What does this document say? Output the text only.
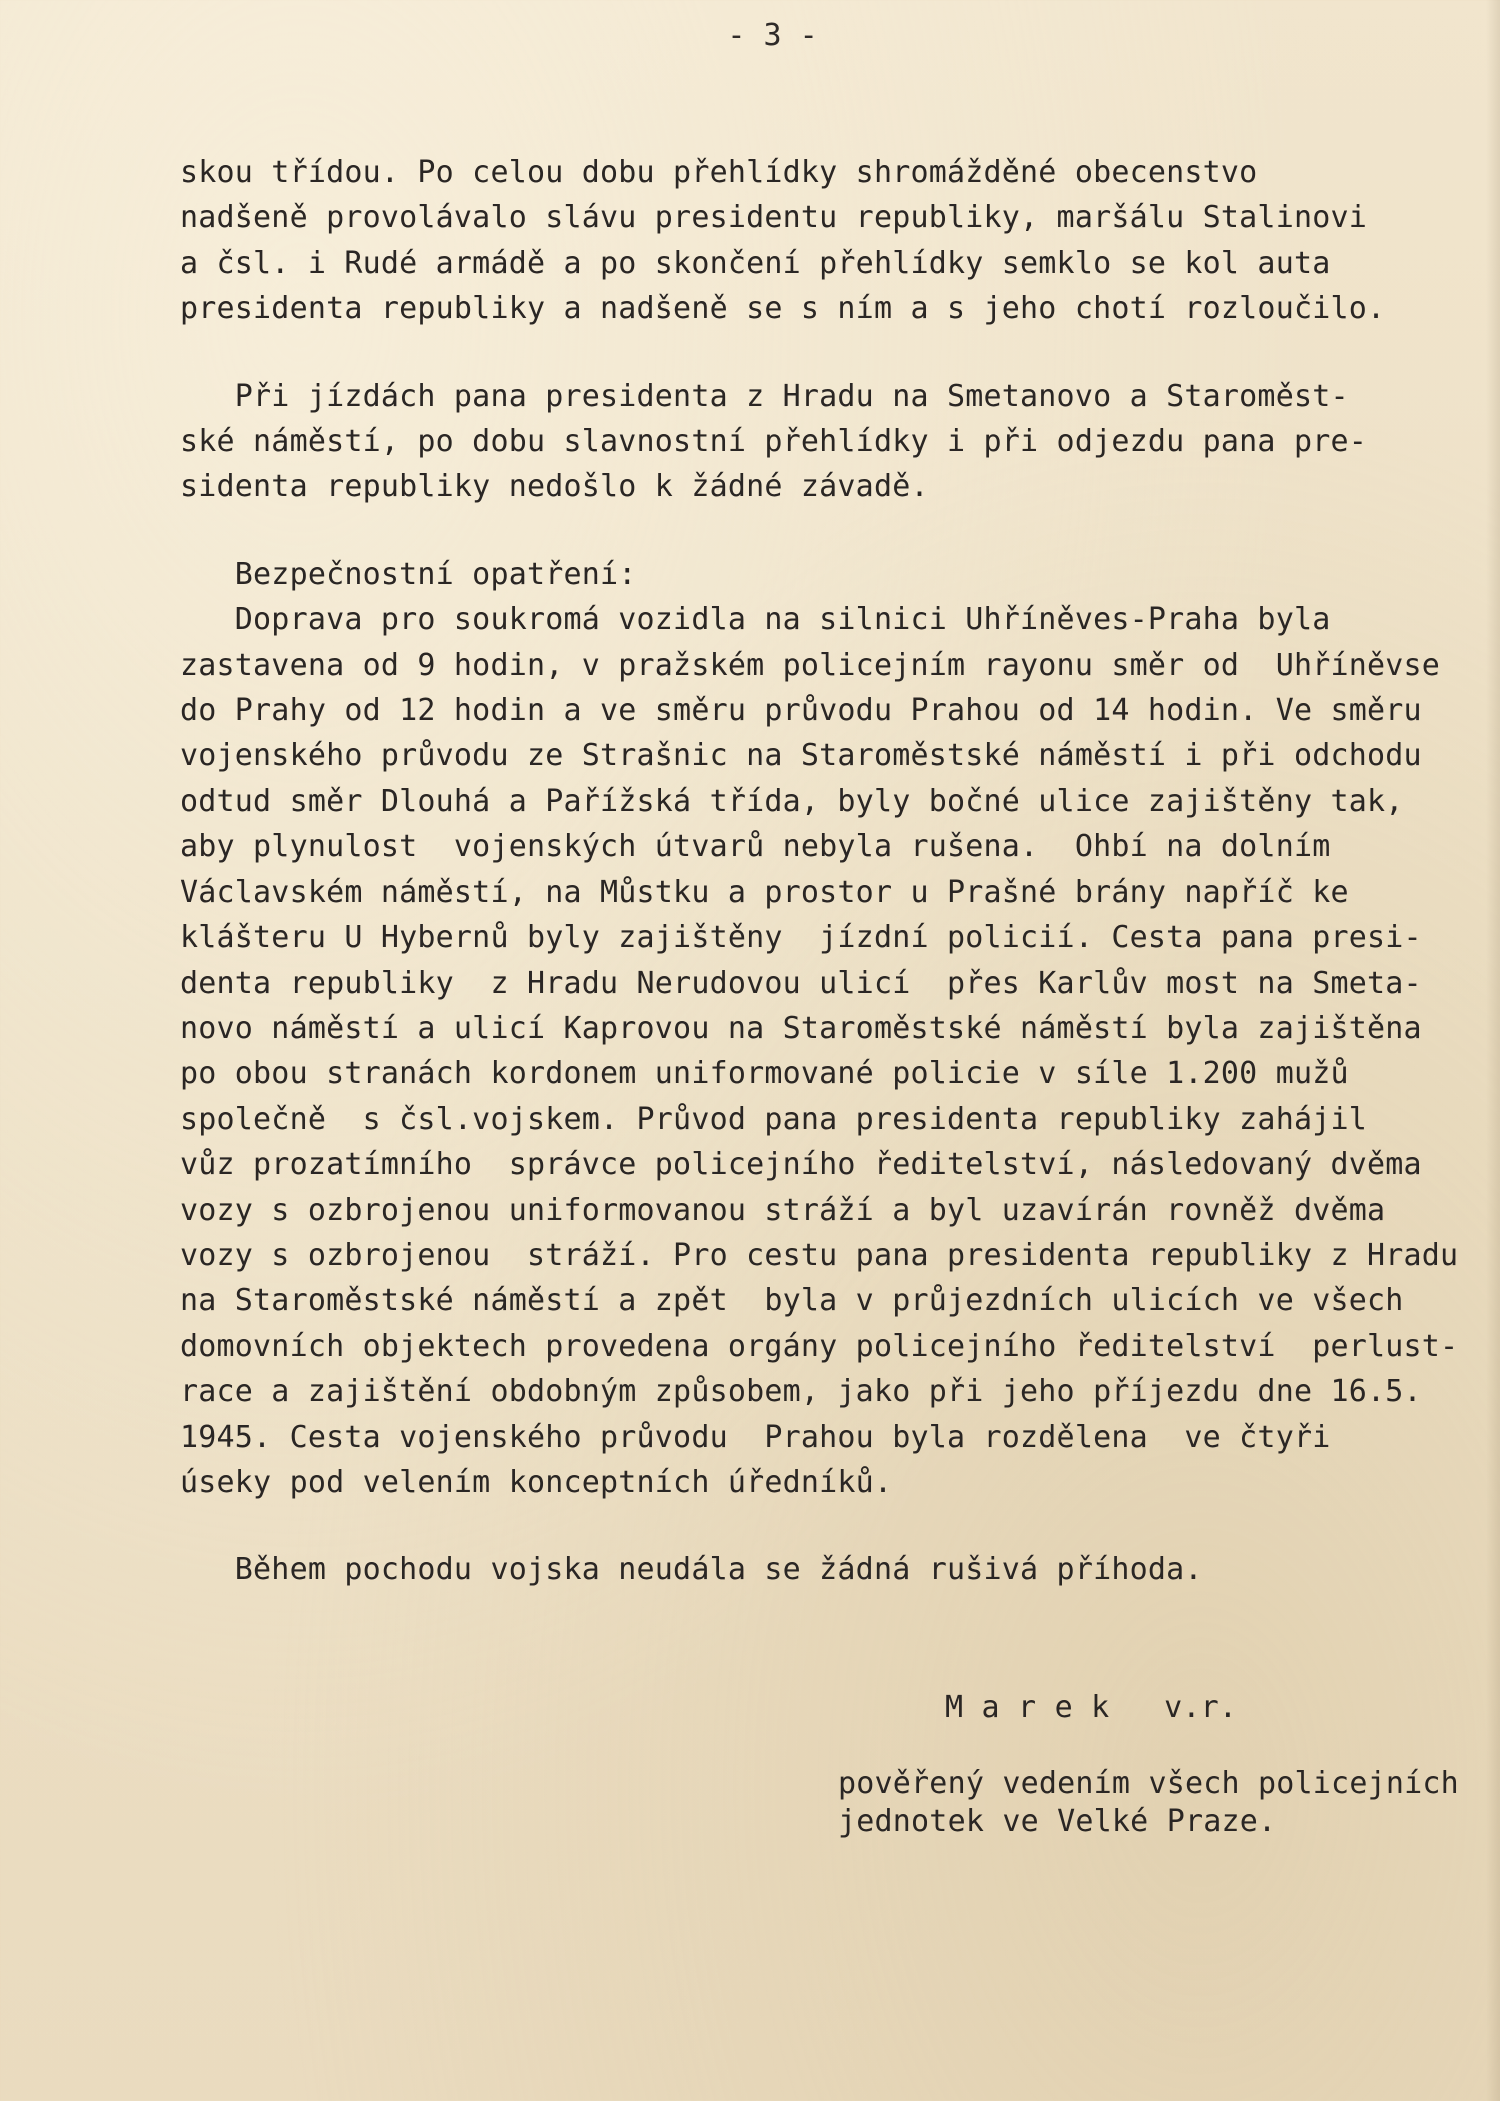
- 3 -
skou třídou. Po celou dobu přehlídky shromážděné obecenstvo
nadšeně provolávalo slávu presidentu republiky, maršálu Stalinovi
a čsl. i Rudé armádě a po skončení přehlídky semklo se kol auta
presidenta republiky a nadšeně se s ním a s jeho chotí rozloučilo.
Při jízdách pana presidenta z Hradu na Smetanovo a Staroměst-
ské náměstí, po dobu slavnostní přehlídky i při odjezdu pana pre-
sidenta republiky nedošlo k žádné závadě.
Bezpečnostní opatření:
Doprava pro soukromá vozidla na silnici Uhříněves-Praha byla
zastavena od 9 hodin, v pražském policejním rayonu směr od  Uhříněvse
do Prahy od 12 hodin a ve směru průvodu Prahou od 14 hodin. Ve směru
vojenského průvodu ze Strašnic na Staroměstské náměstí i při odchodu
odtud směr Dlouhá a Pařížská třída, byly bočné ulice zajištěny tak,
aby plynulost  vojenských útvarů nebyla rušena.  Ohbí na dolním
Václavském náměstí, na Můstku a prostor u Prašné brány napříč ke
klášteru U Hybernů byly zajištěny  jízdní policií. Cesta pana presi-
denta republiky  z Hradu Nerudovou ulicí  přes Karlův most na Smeta-
novo náměstí a ulicí Kaprovou na Staroměstské náměstí byla zajištěna
po obou stranách kordonem uniformované policie v síle 1.200 mužů
společně  s čsl.vojskem. Průvod pana presidenta republiky zahájil
vůz prozatímního  správce policejního ředitelství, následovaný dvěma
vozy s ozbrojenou uniformovanou stráží a byl uzavírán rovněž dvěma
vozy s ozbrojenou  stráží. Pro cestu pana presidenta republiky z Hradu
na Staroměstské náměstí a zpět  byla v průjezdních ulicích ve všech
domovních objektech provedena orgány policejního ředitelství  perlust-
race a zajištění obdobným způsobem, jako při jeho příjezdu dne 16.5.
1945. Cesta vojenského průvodu  Prahou byla rozdělena  ve čtyři
úseky pod velením konceptních úředníků.
Během pochodu vojska neudála se žádná rušivá příhoda.
M a r e k   v.r.
pověřený vedením všech policejních
jednotek ve Velké Praze.
